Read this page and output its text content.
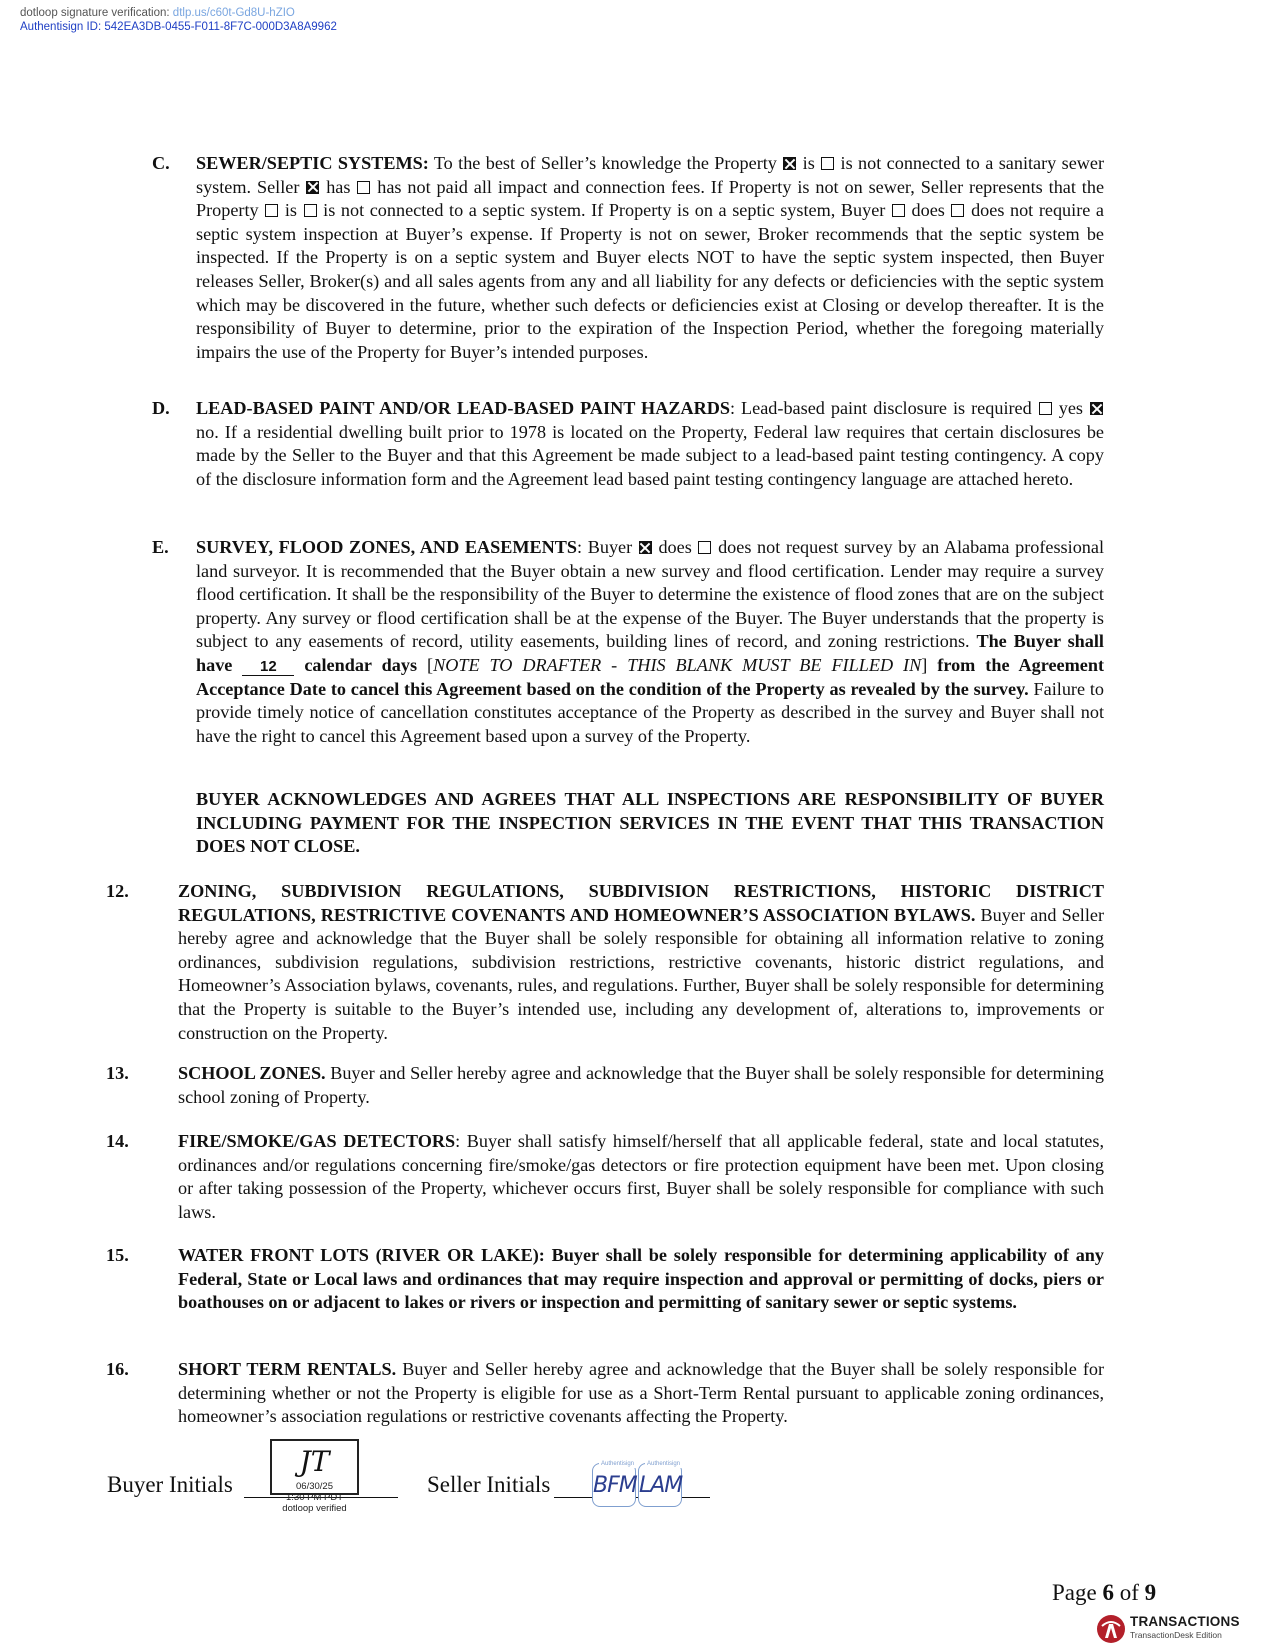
dotloop signature verification: dtlp.us/c60t-Gd8U-hZIO
Authentisign ID: 542EA3DB-0455-F011-8F7C-000D3A8A9962
C. SEWER/SEPTIC SYSTEMS: To the best of Seller’s knowledge the Property is is not connected to a sanitary sewer system. Seller has has not paid all impact and connection fees. If Property is not on sewer, Seller represents that the Property is is not connected to a septic system. If Property is on a septic system, Buyer does does not require a septic system inspection at Buyer’s expense. If Property is not on sewer, Broker recommends that the septic system be inspected. If the Property is on a septic system and Buyer elects NOT to have the septic system inspected, then Buyer releases Seller, Broker(s) and all sales agents from any and all liability for any defects or deficiencies with the septic system which may be discovered in the future, whether such defects or deficiencies exist at Closing or develop thereafter. It is the responsibility of Buyer to determine, prior to the expiration of the Inspection Period, whether the foregoing materially impairs the use of the Property for Buyer’s intended purposes.

D. LEAD-BASED PAINT AND/OR LEAD-BASED PAINT HAZARDS: Lead-based paint disclosure is required yes  no. If a residential dwelling built prior to 1978 is located on the Property, Federal law requires that certain disclosures be made by the Seller to the Buyer and that this Agreement be made subject to a lead-based paint testing contingency. A copy of the disclosure information form and the Agreement lead based paint testing contingency language are attached hereto.

E. SURVEY, FLOOD ZONES, AND EASEMENTS: Buyer does does not request survey by an Alabama professional land surveyor. It is recommended that the Buyer obtain a new survey and flood certification. Lender may require a survey flood certification. It shall be the responsibility of the Buyer to determine the existence of flood zones that are on the subject property. Any survey or flood certification shall be at the expense of the Buyer. The Buyer understands that the property is subject to any easements of record, utility easements, building lines of record, and zoning restrictions. The Buyer shall have 12 calendar days [NOTE TO DRAFTER - THIS BLANK MUST BE FILLED IN] from the Agreement Acceptance Date to cancel this Agreement based on the condition of the Property as revealed by the survey. Failure to provide timely notice of cancellation constitutes acceptance of the Property as described in the survey and Buyer shall not have the right to cancel this Agreement based upon a survey of the Property.

BUYER ACKNOWLEDGES AND AGREES THAT ALL INSPECTIONS ARE RESPONSIBILITY OF BUYER INCLUDING PAYMENT FOR THE INSPECTION SERVICES IN THE EVENT THAT THIS TRANSACTION DOES NOT CLOSE.
12.	ZONING, SUBDIVISION REGULATIONS, SUBDIVISION RESTRICTIONS, HISTORIC DISTRICT REGULATIONS, RESTRICTIVE COVENANTS AND HOMEOWNER’S ASSOCIATION BYLAWS. Buyer and Seller hereby agree and acknowledge that the Buyer shall be solely responsible for obtaining all information relative to zoning ordinances, subdivision regulations, subdivision restrictions, restrictive covenants, historic district regulations, and Homeowner’s Association bylaws, covenants, rules, and regulations. Further, Buyer shall be solely responsible for determining that the Property is suitable to the Buyer’s intended use, including any development of, alterations to, improvements or construction on the Property.

13.	SCHOOL ZONES. Buyer and Seller hereby agree and acknowledge that the Buyer shall be solely responsible for determining school zoning of Property.

14.	FIRE/SMOKE/GAS DETECTORS: Buyer shall satisfy himself/herself that all applicable federal, state and local statutes, ordinances and/or regulations concerning fire/smoke/gas detectors or fire protection equipment have been met. Upon closing or after taking possession of the Property, whichever occurs first, Buyer shall be solely responsible for compliance with such laws.

15.	WATER FRONT LOTS (RIVER OR LAKE): Buyer shall be solely responsible for determining applicability of any Federal, State or Local laws and ordinances that may require inspection and approval or permitting of docks, piers or boathouses on or adjacent to lakes or rivers or inspection and permitting of sanitary sewer or septic systems.

16.	SHORT TERM RENTALS. Buyer and Seller hereby agree and acknowledge that the Buyer shall be solely responsible for determining whether or not the Property is eligible for use as a Short-Term Rental pursuant to applicable zoning ordinances, homeowner’s association regulations or restrictive covenants affecting the Property.

Buyer Initials
JT
06/30/25
1:30 PM PDT
dotloop verified
Seller Initials
Authentisign
BFM
Authentisign
LAM
Page 6 of 9
TRANSACTIONS
TransactionDesk Edition
